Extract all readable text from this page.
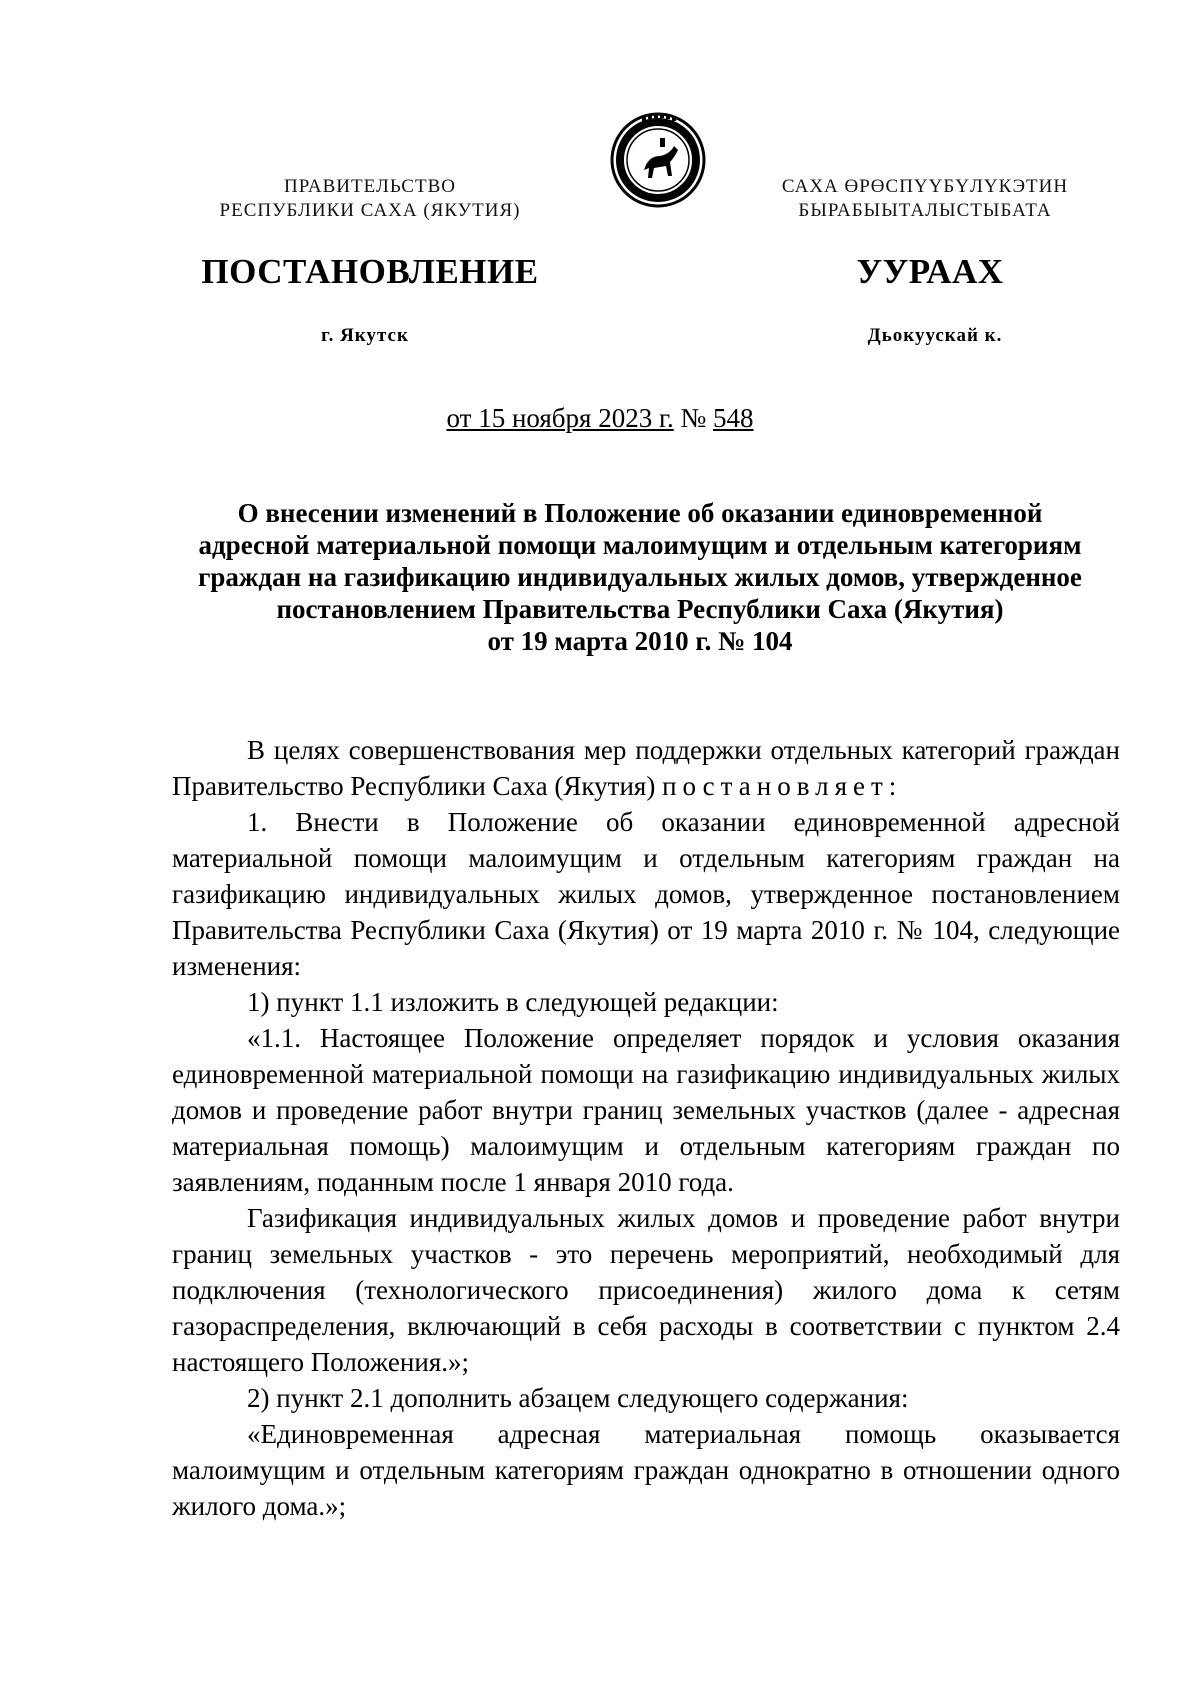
ПРАВИТЕЛЬСТВО
РЕСПУБЛИКИ САХА (ЯКУТИЯ)
САХА ӨРӨСПҮҮБҮЛҮКЭТИН
БЫРАБЫЫТАЛЫСТЫБАТА
ПОСТАНОВЛЕНИЕ	УУРААХ
г. Якутск	Дьокуускай к.
от 15 ноября 2023 г. № 548
О внесении изменений в Положение об оказании единовременной
адресной материальной помощи малоимущим и отдельным категориям
граждан на газификацию индивидуальных жилых домов, утвержденное
постановлением Правительства Республики Саха (Якутия)
от 19 марта 2010 г. № 104

В целях совершенствования мер поддержки отдельных категорий граждан Правительство Республики Саха (Якутия) постановляет:

1. Внести в Положение об оказании единовременной адресной материальной помощи малоимущим и отдельным категориям граждан на газификацию индивидуальных жилых домов, утвержденное постановлением Правительства Республики Саха (Якутия) от 19 марта 2010 г. № 104, следующие изменения:

1) пункт 1.1 изложить в следующей редакции:

«1.1. Настоящее Положение определяет порядок и условия оказания единовременной материальной помощи на газификацию индивидуальных жилых домов и проведение работ внутри границ земельных участков (далее - адресная материальная помощь) малоимущим и отдельным категориям граждан по заявлениям, поданным после 1 января 2010 года.

Газификация индивидуальных жилых домов и проведение работ внутри границ земельных участков - это перечень мероприятий, необходимый для подключения (технологического присоединения) жилого дома к сетям газораспределения, включающий в себя расходы в соответствии с пунктом 2.4 настоящего Положения.»;

2) пункт 2.1 дополнить абзацем следующего содержания:

«Единовременная адресная материальная помощь оказывается малоимущим и отдельным категориям граждан однократно в отношении одного жилого дома.»;
